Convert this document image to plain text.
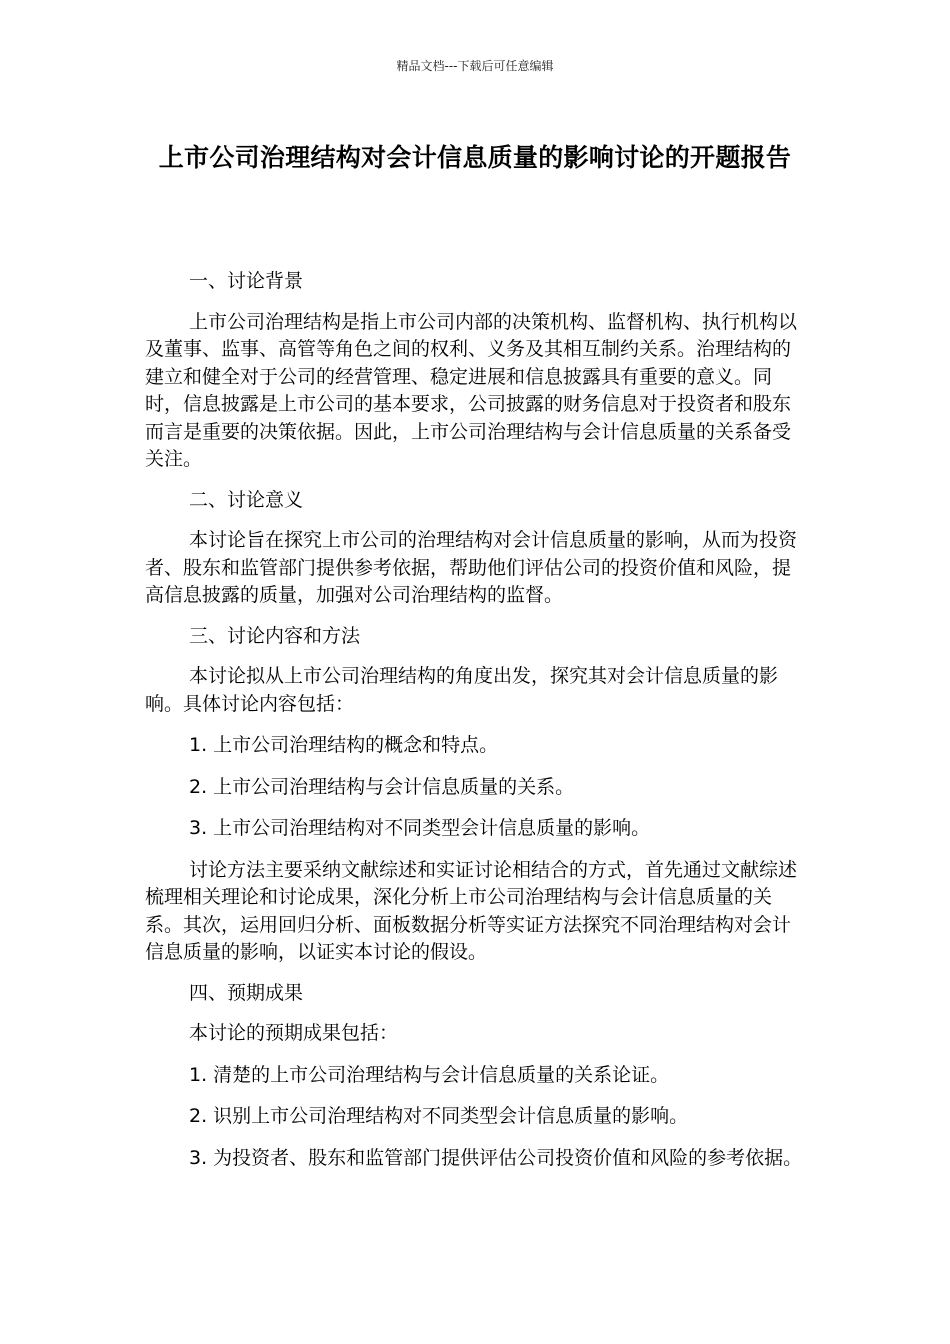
精品文档---下载后可任意编辑
上市公司治理结构对会计信息质量的影响讨论的开题报告

一、讨论背景

上市公司治理结构是指上市公司内部的决策机构、监督机构、执行机构以及董事、监事、高管等角色之间的权利、义务及其相互制约关系。治理结构的建立和健全对于公司的经营管理、稳定进展和信息披露具有重要的意义。同时，信息披露是上市公司的基本要求，公司披露的财务信息对于投资者和股东而言是重要的决策依据。因此，上市公司治理结构与会计信息质量的关系备受关注。

二、讨论意义

本讨论旨在探究上市公司的治理结构对会计信息质量的影响，从而为投资者、股东和监管部门提供参考依据，帮助他们评估公司的投资价值和风险，提高信息披露的质量，加强对公司治理结构的监督。

三、讨论内容和方法

本讨论拟从上市公司治理结构的角度出发，探究其对会计信息质量的影响。具体讨论内容包括：

1. 上市公司治理结构的概念和特点。

2. 上市公司治理结构与会计信息质量的关系。

3. 上市公司治理结构对不同类型会计信息质量的影响。

讨论方法主要采纳文献综述和实证讨论相结合的方式，首先通过文献综述梳理相关理论和讨论成果，深化分析上市公司治理结构与会计信息质量的关系。其次，运用回归分析、面板数据分析等实证方法探究不同治理结构对会计信息质量的影响，以证实本讨论的假设。

四、预期成果

本讨论的预期成果包括：

1. 清楚的上市公司治理结构与会计信息质量的关系论证。

2. 识别上市公司治理结构对不同类型会计信息质量的影响。

3. 为投资者、股东和监管部门提供评估公司投资价值和风险的参考依据。
